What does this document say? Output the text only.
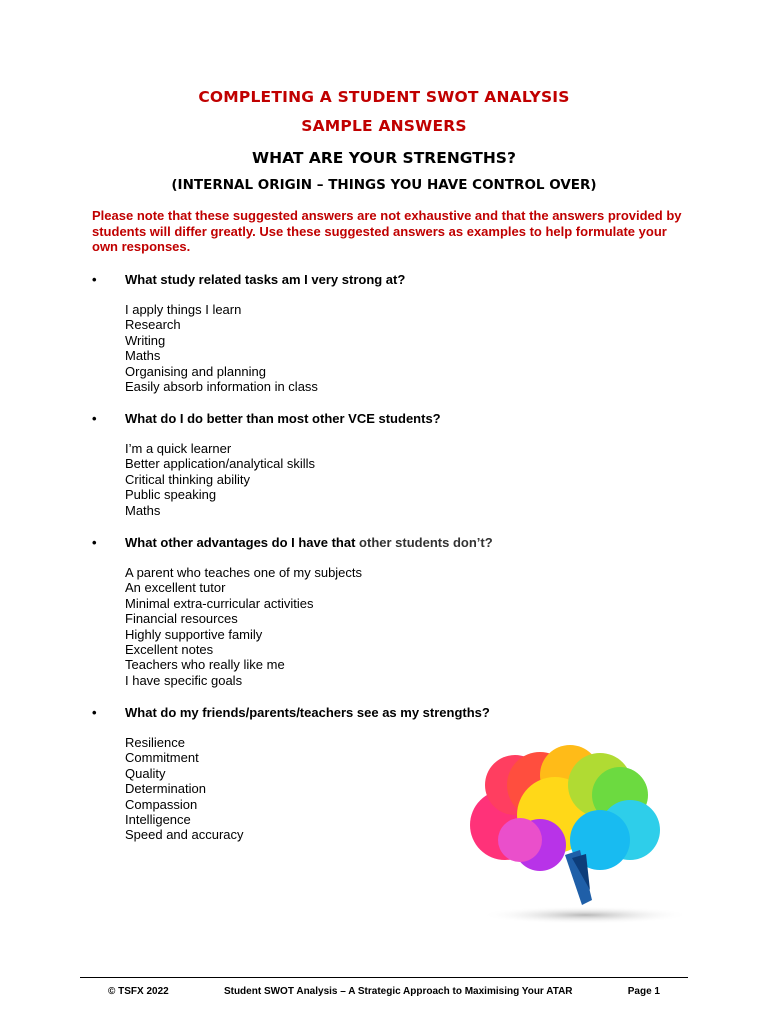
COMPLETING A STUDENT SWOT ANALYSIS
SAMPLE ANSWERS
WHAT ARE YOUR STRENGTHS?
(INTERNAL ORIGIN – THINGS YOU HAVE CONTROL OVER)
Please note that these suggested answers are not exhaustive and that the answers provided by students will differ greatly. Use these suggested answers as examples to help formulate your own responses.
•	What study related tasks am I very strong at?
I apply things I learn
Research
Writing
Maths
Organising and planning
Easily absorb information in class
•	What do I do better than most other VCE students?
I’m a quick learner
Better application/analytical skills
Critical thinking ability
Public speaking
Maths
•	What other advantages do I have that other students don’t?
A parent who teaches one of my subjects
An excellent tutor
Minimal extra-curricular activities
Financial resources
Highly supportive family
Excellent notes
Teachers who really like me
I have specific goals
•	What do my friends/parents/teachers see as my strengths?
Resilience
Commitment
Quality
Determination
Compassion
Intelligence
Speed and accuracy
© TSFX 2022	Student SWOT Analysis – A Strategic Approach to Maximising Your ATAR	Page 1
